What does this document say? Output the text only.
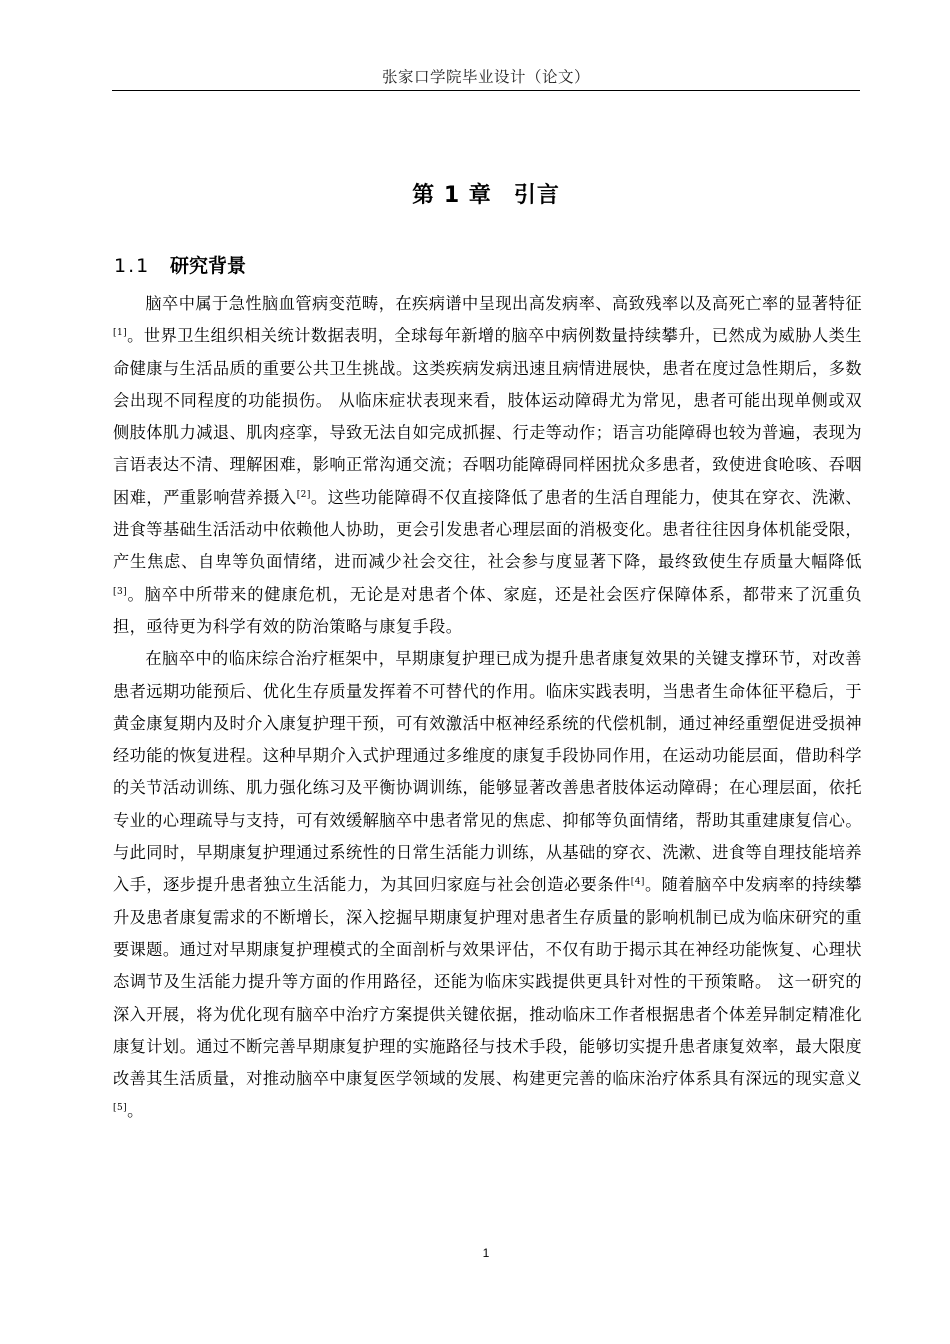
张家口学院毕业设计（论文）
第 1 章 引言
1.1 研究背景

脑卒中属于急性脑血管病变范畴，在疾病谱中呈现出高发病率、高致残率以及高死亡率的显著特征[1]。世界卫生组织相关统计数据表明，全球每年新增的脑卒中病例数量持续攀升，已然成为威胁人类生命健康与生活品质的重要公共卫生挑战。这类疾病发病迅速且病情进展快，患者在度过急性期后，多数会出现不同程度的功能损伤。 从临床症状表现来看，肢体运动障碍尤为常见，患者可能出现单侧或双侧肢体肌力减退、肌肉痉挛，导致无法自如完成抓握、行走等动作；语言功能障碍也较为普遍，表现为言语表达不清、理解困难，影响正常沟通交流；吞咽功能障碍同样困扰众多患者，致使进食呛咳、吞咽困难，严重影响营养摄入[2]。这些功能障碍不仅直接降低了患者的生活自理能力，使其在穿衣、洗漱、进食等基础生活活动中依赖他人协助，更会引发患者心理层面的消极变化。患者往往因身体机能受限，产生焦虑、自卑等负面情绪，进而减少社会交往，社会参与度显著下降，最终致使生存质量大幅降低[3]。脑卒中所带来的健康危机，无论是对患者个体、家庭，还是社会医疗保障体系，都带来了沉重负担，亟待更为科学有效的防治策略与康复手段。

在脑卒中的临床综合治疗框架中，早期康复护理已成为提升患者康复效果的关键支撑环节，对改善患者远期功能预后、优化生存质量发挥着不可替代的作用。临床实践表明，当患者生命体征平稳后，于黄金康复期内及时介入康复护理干预，可有效激活中枢神经系统的代偿机制，通过神经重塑促进受损神经功能的恢复进程。这种早期介入式护理通过多维度的康复手段协同作用，在运动功能层面，借助科学的关节活动训练、肌力强化练习及平衡协调训练，能够显著改善患者肢体运动障碍；在心理层面，依托专业的心理疏导与支持，可有效缓解脑卒中患者常见的焦虑、抑郁等负面情绪，帮助其重建康复信心。 与此同时，早期康复护理通过系统性的日常生活能力训练，从基础的穿衣、洗漱、进食等自理技能培养入手，逐步提升患者独立生活能力，为其回归家庭与社会创造必要条件[4]。随着脑卒中发病率的持续攀升及患者康复需求的不断增长，深入挖掘早期康复护理对患者生存质量的影响机制已成为临床研究的重要课题。通过对早期康复护理模式的全面剖析与效果评估，不仅有助于揭示其在神经功能恢复、心理状态调节及生活能力提升等方面的作用路径，还能为临床实践提供更具针对性的干预策略。 这一研究的深入开展，将为优化现有脑卒中治疗方案提供关键依据，推动临床工作者根据患者个体差异制定精准化康复计划。通过不断完善早期康复护理的实施路径与技术手段，能够切实提升患者康复效率，最大限度改善其生活质量，对推动脑卒中康复医学领域的发展、构建更完善的临床治疗体系具有深远的现实意义[5]。

1
